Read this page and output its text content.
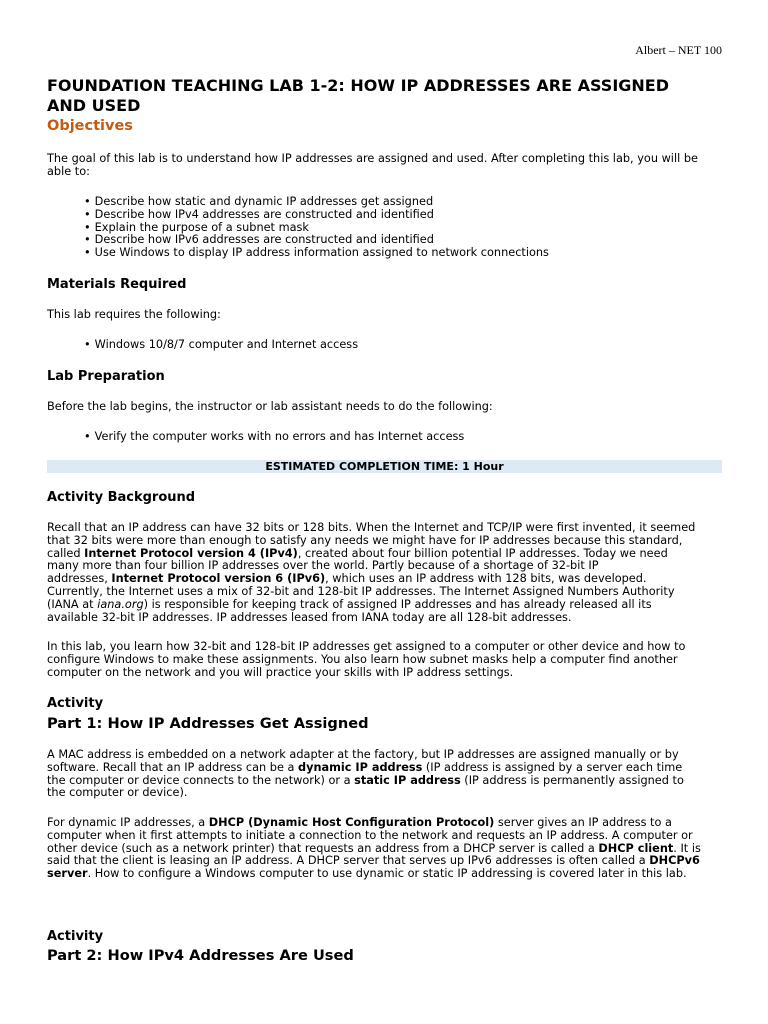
Albert – NET 100
FOUNDATION TEACHING LAB 1-2: HOW IP ADDRESSES ARE ASSIGNED AND USED
Objectives
The goal of this lab is to understand how IP addresses are assigned and used. After completing this lab, you will be
able to:
• Describe how static and dynamic IP addresses get assigned
• Describe how IPv4 addresses are constructed and identified
• Explain the purpose of a subnet mask
• Describe how IPv6 addresses are constructed and identified
• Use Windows to display IP address information assigned to network connections
Materials Required
This lab requires the following:
• Windows 10/8/7 computer and Internet access
Lab Preparation
Before the lab begins, the instructor or lab assistant needs to do the following:
• Verify the computer works with no errors and has Internet access
ESTIMATED COMPLETION TIME: 1 Hour
Activity Background
Recall that an IP address can have 32 bits or 128 bits. When the Internet and TCP/IP were first invented, it seemed
that 32 bits were more than enough to satisfy any needs we might have for IP addresses because this standard,
called Internet Protocol version 4 (IPv4), created about four billion potential IP addresses. Today we need
many more than four billion IP addresses over the world. Partly because of a shortage of 32-bit IP
addresses, Internet Protocol version 6 (IPv6), which uses an IP address with 128 bits, was developed.
Currently, the Internet uses a mix of 32-bit and 128-bit IP addresses. The Internet Assigned Numbers Authority
(IANA at iana.org) is responsible for keeping track of assigned IP addresses and has already released all its
available 32-bit IP addresses. IP addresses leased from IANA today are all 128-bit addresses.
In this lab, you learn how 32-bit and 128-bit IP addresses get assigned to a computer or other device and how to
configure Windows to make these assignments. You also learn how subnet masks help a computer find another
computer on the network and you will practice your skills with IP address settings.
Activity
Part 1: How IP Addresses Get Assigned
A MAC address is embedded on a network adapter at the factory, but IP addresses are assigned manually or by
software. Recall that an IP address can be a dynamic IP address (IP address is assigned by a server each time
the computer or device connects to the network) or a static IP address (IP address is permanently assigned to
the computer or device).
For dynamic IP addresses, a DHCP (Dynamic Host Configuration Protocol) server gives an IP address to a
computer when it first attempts to initiate a connection to the network and requests an IP address. A computer or
other device (such as a network printer) that requests an address from a DHCP server is called a DHCP client. It is
said that the client is leasing an IP address. A DHCP server that serves up IPv6 addresses is often called a DHCPv6
server. How to configure a Windows computer to use dynamic or static IP addressing is covered later in this lab.
Activity
Part 2: How IPv4 Addresses Are Used
